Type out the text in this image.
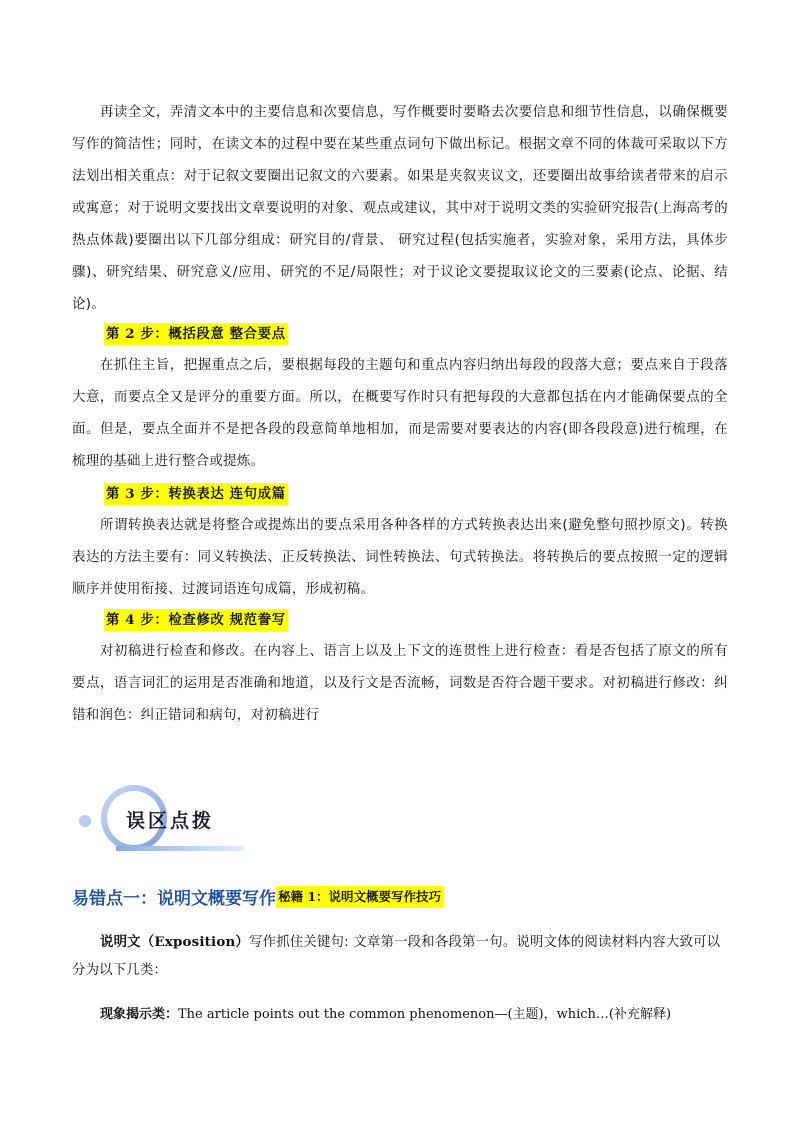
再读全文，弄清文本中的主要信息和次要信息，写作概要时要略去次要信息和细节性信息，以确保概要写作的简洁性；同时，在读文本的过程中要在某些重点词句下做出标记。根据文章不同的体裁可采取以下方法划出相关重点：对于记叙文要圈出记叙文的六要素。如果是夹叙夹议文，还要圈出故事给读者带来的启示或寓意；对于说明文要找出文章要说明的对象、观点或建议，其中对于说明文类的实验研究报告(上海高考的热点体裁)要圈出以下几部分组成：研究目的/背景、 研究过程(包括实施者，实验对象，采用方法，具体步骤)、研究结果、研究意义/应用、研究的不足/局限性；对于议论文要提取议论文的三要素(论点、论据、结论)。

第 2 步：概括段意 整合要点

在抓住主旨，把握重点之后，要根据每段的主题句和重点内容归纳出每段的段落大意；要点来自于段落大意，而要点全又是评分的重要方面。所以，在概要写作时只有把每段的大意都包括在内才能确保要点的全面。但是，要点全面并不是把各段的段意简单地相加，而是需要对要表达的内容(即各段段意)进行梳理，在梳理的基础上进行整合或提炼。

第 3 步：转换表达 连句成篇

所谓转换表达就是将整合或提炼出的要点采用各种各样的方式转换表达出来(避免整句照抄原文)。转换表达的方法主要有：同义转换法、正反转换法、词性转换法、句式转换法。将转换后的要点按照一定的逻辑顺序并使用衔接、过渡词语连句成篇，形成初稿。

第 4 步：检查修改 规范誊写

对初稿进行检查和修改。在内容上、语言上以及上下文的连贯性上进行检查：看是否包括了原文的所有要点，语言词汇的运用是否准确和地道，以及行文是否流畅，词数是否符合题干要求。对初稿进行修改：纠错和润色：纠正错词和病句，对初稿进行

误区点拨

易错点一：说明文概要写作 秘籍 1：说明文概要写作技巧

说明文（Exposition）写作抓住关键句: 文章第一段和各段第一句。说明文体的阅读材料内容大致可以分为以下几类：

现象揭示类：The article points out the common phenomenon—(主题)，which…(补充解释)
